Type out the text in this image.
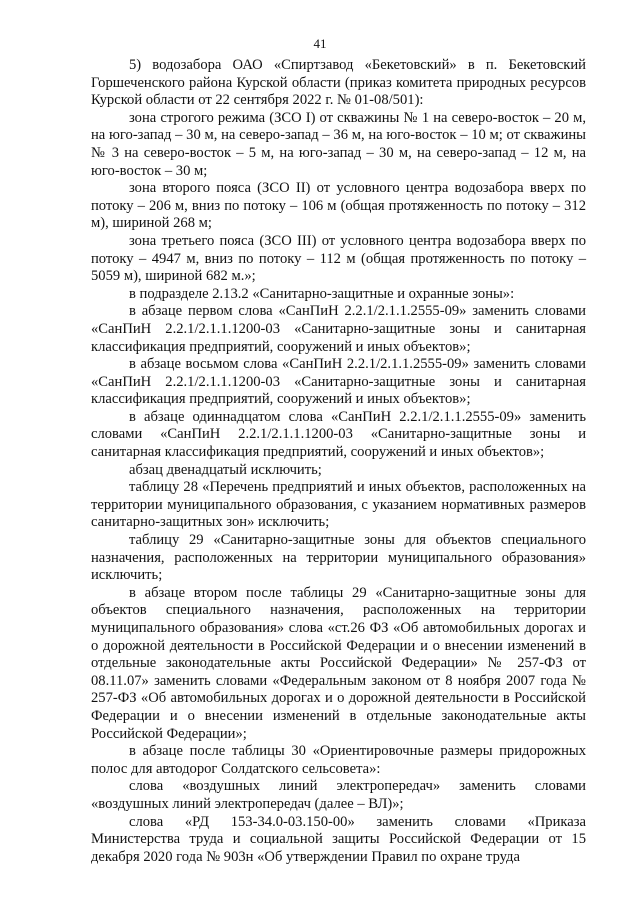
41

5) водозабора ОАО «Спиртзавод «Бекетовский» в п. Бекетовский Горшеченского района Курской области (приказ комитета природных ресурсов Курской области от 22 сентября 2022 г. № 01-08/501):

зона строгого режима (ЗСО I) от скважины № 1 на северо-восток – 20 м, на юго-запад – 30 м, на северо-запад – 36 м, на юго-восток – 10 м; от скважины № 3 на северо-восток – 5 м, на юго-запад – 30 м, на северо-запад – 12 м, на юго-восток – 30 м;

зона второго пояса (ЗСО II) от условного центра водозабора вверх по потоку – 206 м, вниз по потоку – 106 м (общая протяженность по потоку – 312 м), шириной 268 м;

зона третьего пояса (ЗСО III) от условного центра водозабора вверх по потоку – 4947 м, вниз по потоку – 112 м (общая протяженность по потоку – 5059 м), шириной 682 м.»;

в подразделе 2.13.2 «Санитарно-защитные и охранные зоны»:

в абзаце первом слова «СанПиН 2.2.1/2.1.1.2555-09» заменить словами «СанПиН 2.2.1/2.1.1.1200-03 «Санитарно-защитные зоны и санитарная классификация предприятий, сооружений и иных объектов»;

в абзаце восьмом слова «СанПиН 2.2.1/2.1.1.2555-09» заменить словами «СанПиН 2.2.1/2.1.1.1200-03 «Санитарно-защитные зоны и санитарная классификация предприятий, сооружений и иных объектов»;

в абзаце одиннадцатом слова «СанПиН 2.2.1/2.1.1.2555-09» заменить словами «СанПиН 2.2.1/2.1.1.1200-03 «Санитарно-защитные зоны и санитарная классификация предприятий, сооружений и иных объектов»;

абзац двенадцатый исключить;

таблицу 28 «Перечень предприятий и иных объектов, расположенных на территории муниципального образования, с указанием нормативных размеров санитарно-защитных зон» исключить;

таблицу 29 «Санитарно-защитные зоны для объектов специального назначения, расположенных на территории муниципального образования» исключить;

в абзаце втором после таблицы 29 «Санитарно-защитные зоны для объектов специального назначения, расположенных на территории муниципального образования» слова «ст.26 ФЗ «Об автомобильных дорогах и о дорожной деятельности в Российской Федерации и о внесении изменений в отдельные законодательные акты Российской Федерации» № 257-ФЗ от 08.11.07» заменить словами «Федеральным законом от 8 ноября 2007 года № 257-ФЗ «Об автомобильных дорогах и о дорожной деятельности в Российской Федерации и о внесении изменений в отдельные законодательные акты Российской Федерации»;

в абзаце после таблицы 30 «Ориентировочные размеры придорожных полос для автодорог Солдатского сельсовета»:

слова «воздушных линий электропередач» заменить словами «воздушных линий электропередач (далее – ВЛ)»;

слова «РД 153-34.0-03.150-00» заменить словами «Приказа Министерства труда и социальной защиты Российской Федерации от 15 декабря 2020 года № 903н «Об утверждении Правил по охране труда
